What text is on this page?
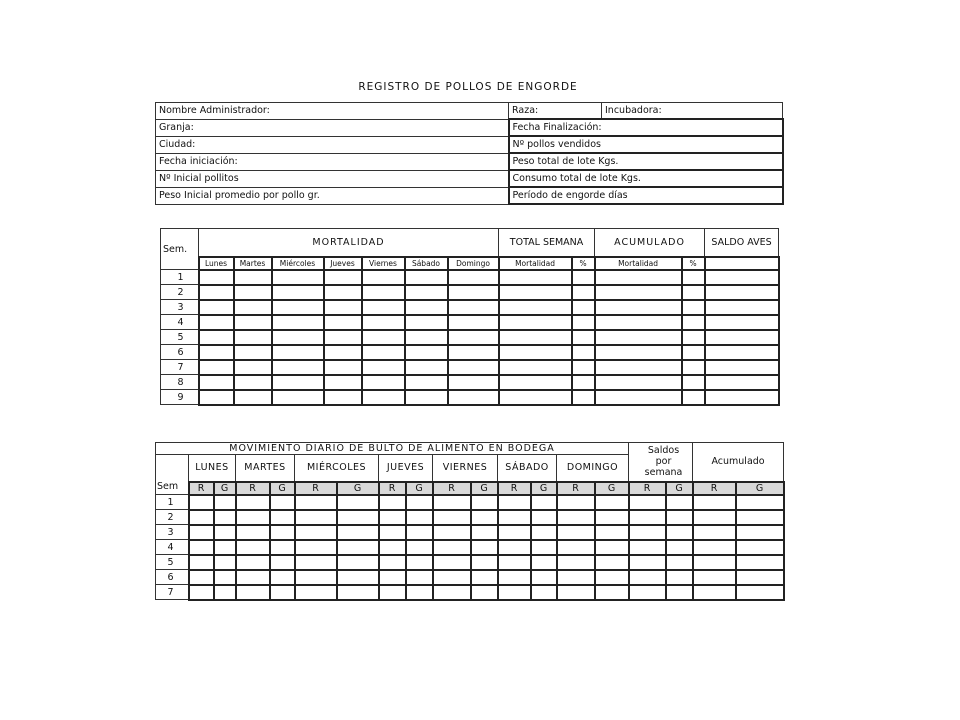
REGISTRO DE POLLOS DE ENGORDE
Nombre Administrador:	Raza:	Incubadora:
Granja:	Fecha Finalización:	
Ciudad:	Nº pollos vendidos	
Fecha iniciación:	Peso total de lote Kgs.	
Nº Inicial pollitos	Consumo total de lote Kgs.	
Peso Inicial promedio por pollo gr.	Período de engorde días	
Sem.	MORTALIDAD							TOTAL SEMANA		ACUMULADO		SALDO AVES
	Lunes	Martes	Miércoles	Jueves	Viernes	Sábado	Domingo	Mortalidad	%	Mortalidad	%	
1												
2												
3												
4												
5												
6												
7												
8												
9												
MOVIMIENTO DIARIO DE BULTO DE ALIMENTO EN BODEGA															Saldos por semana		Acumulado	
Sem	LUNES		MARTES		MIÉRCOLES		JUEVES		VIERNES		SÁBADO		DOMINGO					
	R	G	R	G	R	G	R	G	R	G	R	G	R	G	R	G	R	G
1																		
2																		
3																		
4																		
5																		
6																		
7																		
